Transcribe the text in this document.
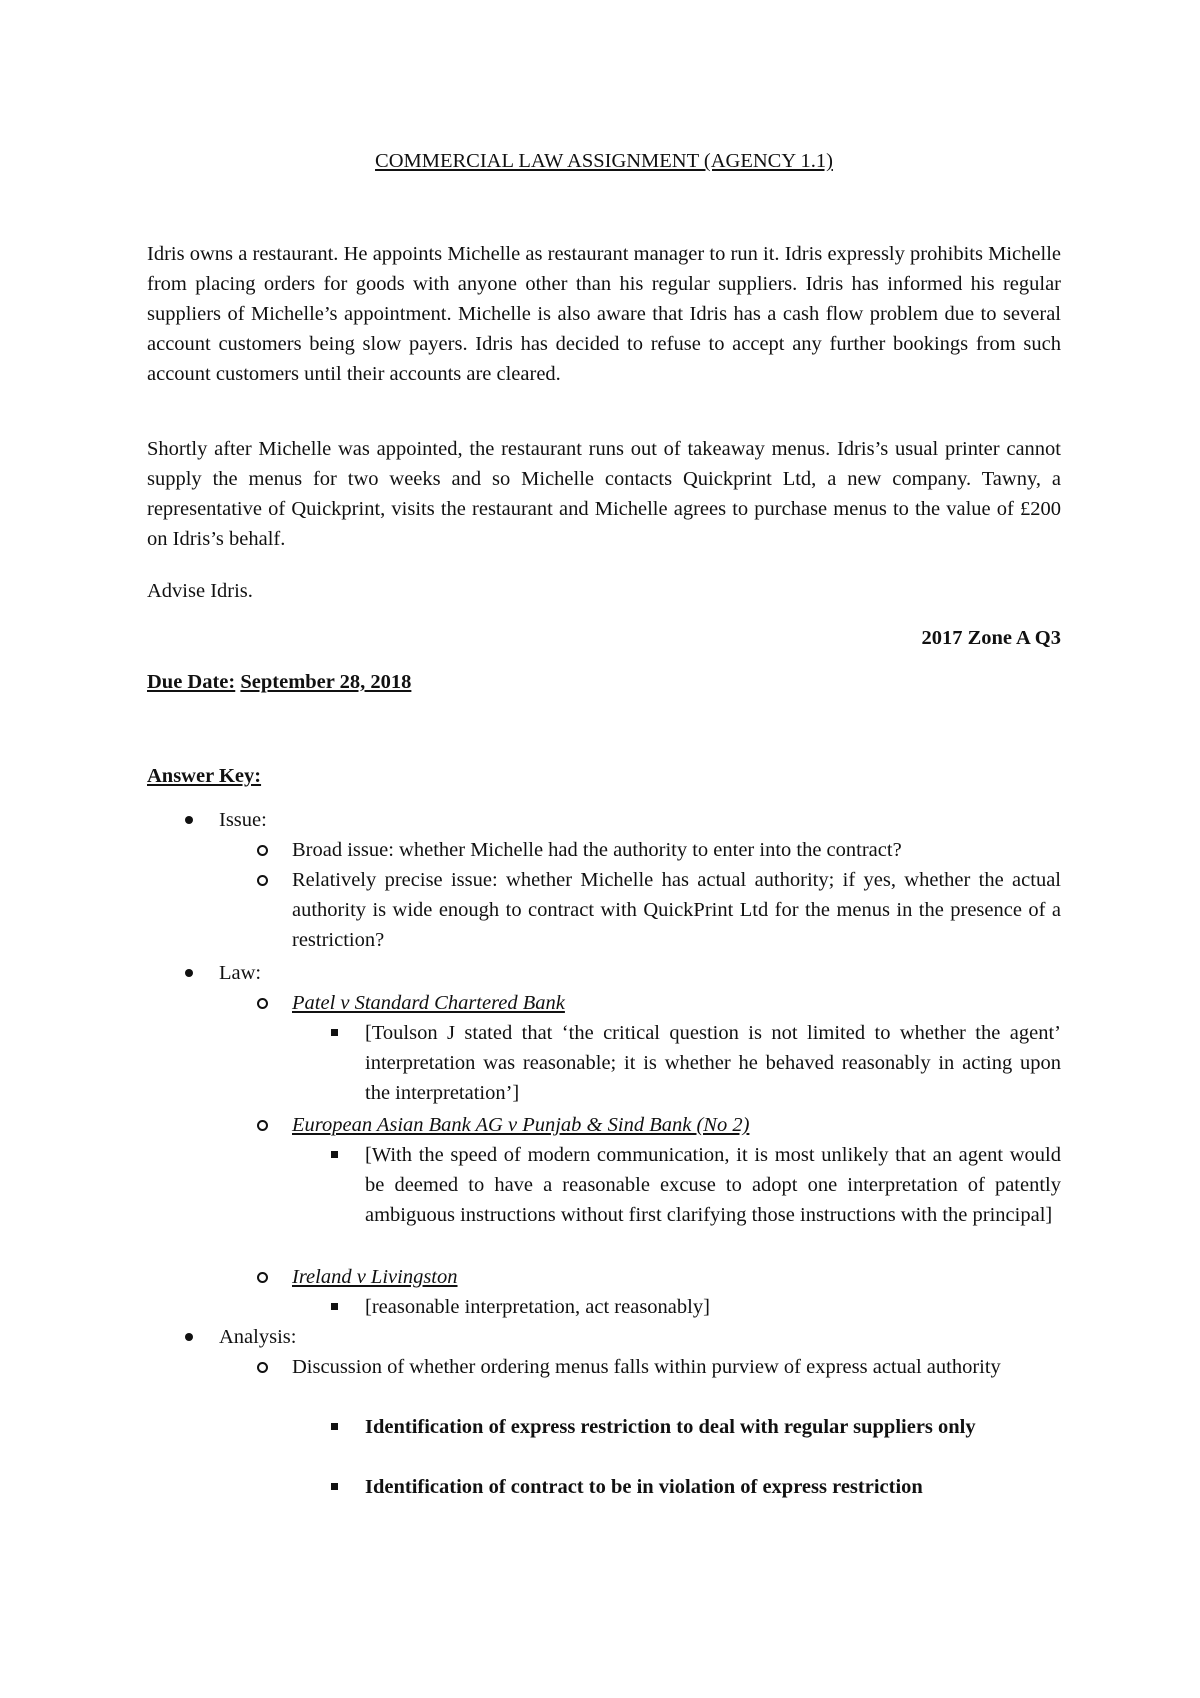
COMMERCIAL LAW ASSIGNMENT (AGENCY 1.1)

Idris owns a restaurant. He appoints Michelle as restaurant manager to run it. Idris expressly prohibits Michelle from placing orders for goods with anyone other than his regular suppliers. Idris has informed his regular suppliers of Michelle’s appointment. Michelle is also aware that Idris has a cash flow problem due to several account customers being slow payers. Idris has decided to refuse to accept any further bookings from such account customers until their accounts are cleared.

Shortly after Michelle was appointed, the restaurant runs out of takeaway menus. Idris’s usual printer cannot supply the menus for two weeks and so Michelle contacts Quickprint Ltd, a new company. Tawny, a representative of Quickprint, visits the restaurant and Michelle agrees to purchase menus to the value of £200 on Idris’s behalf.

Advise Idris.

2017 Zone A Q3
Due Date: September 28, 2018
Answer Key:
Issue:
Broad issue: whether Michelle had the authority to enter into the contract?
Relatively precise issue: whether Michelle has actual authority; if yes, whether the actual authority is wide enough to contract with QuickPrint Ltd for the menus in the presence of a restriction?
Law:
Patel v Standard Chartered Bank
[Toulson J stated that ‘the critical question is not limited to whether the agent’ interpretation was reasonable; it is whether he behaved reasonably in acting upon the interpretation’]
European Asian Bank AG v Punjab & Sind Bank (No 2)
[With the speed of modern communication, it is most unlikely that an agent would be deemed to have a reasonable excuse to adopt one interpretation of patently ambiguous instructions without first clarifying those instructions with the principal]
Ireland v Livingston
[reasonable interpretation, act reasonably]
Analysis:
Discussion of whether ordering menus falls within purview of express actual authority
Identification of express restriction to deal with regular suppliers only
Identification of contract to be in violation of express restriction
